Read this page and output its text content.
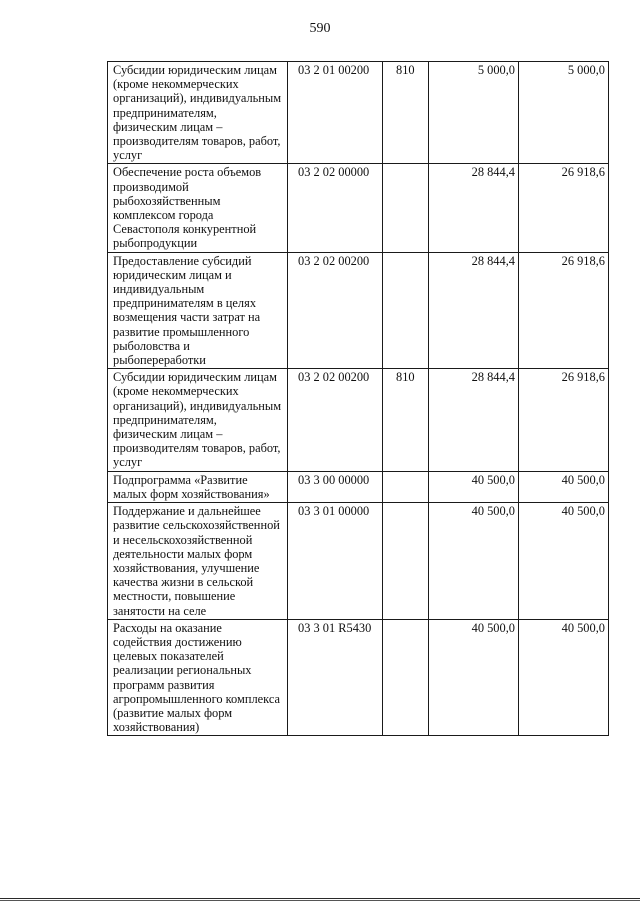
590
Субсидии юридическим лицам (кроме некоммерческих организаций), индивидуальным предпринимателям, физическим лицам – производителям товаров, работ, услуг	03 2 01 00200	810	5 000,0	5 000,0
Обеспечение роста объемов производимой рыбохозяйственным комплексом города Севастополя конкурентной рыбопродукции	03 2 02 00000		28 844,4	26 918,6
Предоставление субсидий юридическим лицам и индивидуальным предпринимателям в целях возмещения части затрат на развитие промышленного рыболовства и рыбопереработки	03 2 02 00200		28 844,4	26 918,6
Субсидии юридическим лицам (кроме некоммерческих организаций), индивидуальным предпринимателям, физическим лицам – производителям товаров, работ, услуг	03 2 02 00200	810	28 844,4	26 918,6
Подпрограмма «Развитие малых форм хозяйствования»	03 3 00 00000		40 500,0	40 500,0
Поддержание и дальнейшее развитие сельскохозяйственной и несельскохозяйственной деятельности малых форм хозяйствования, улучшение качества жизни в сельской местности, повышение занятости на селе	03 3 01 00000		40 500,0	40 500,0
Расходы на оказание содействия достижению целевых показателей реализации региональных программ развития агропромышленного комплекса (развитие малых форм хозяйствования)	03 3 01 R5430		40 500,0	40 500,0
